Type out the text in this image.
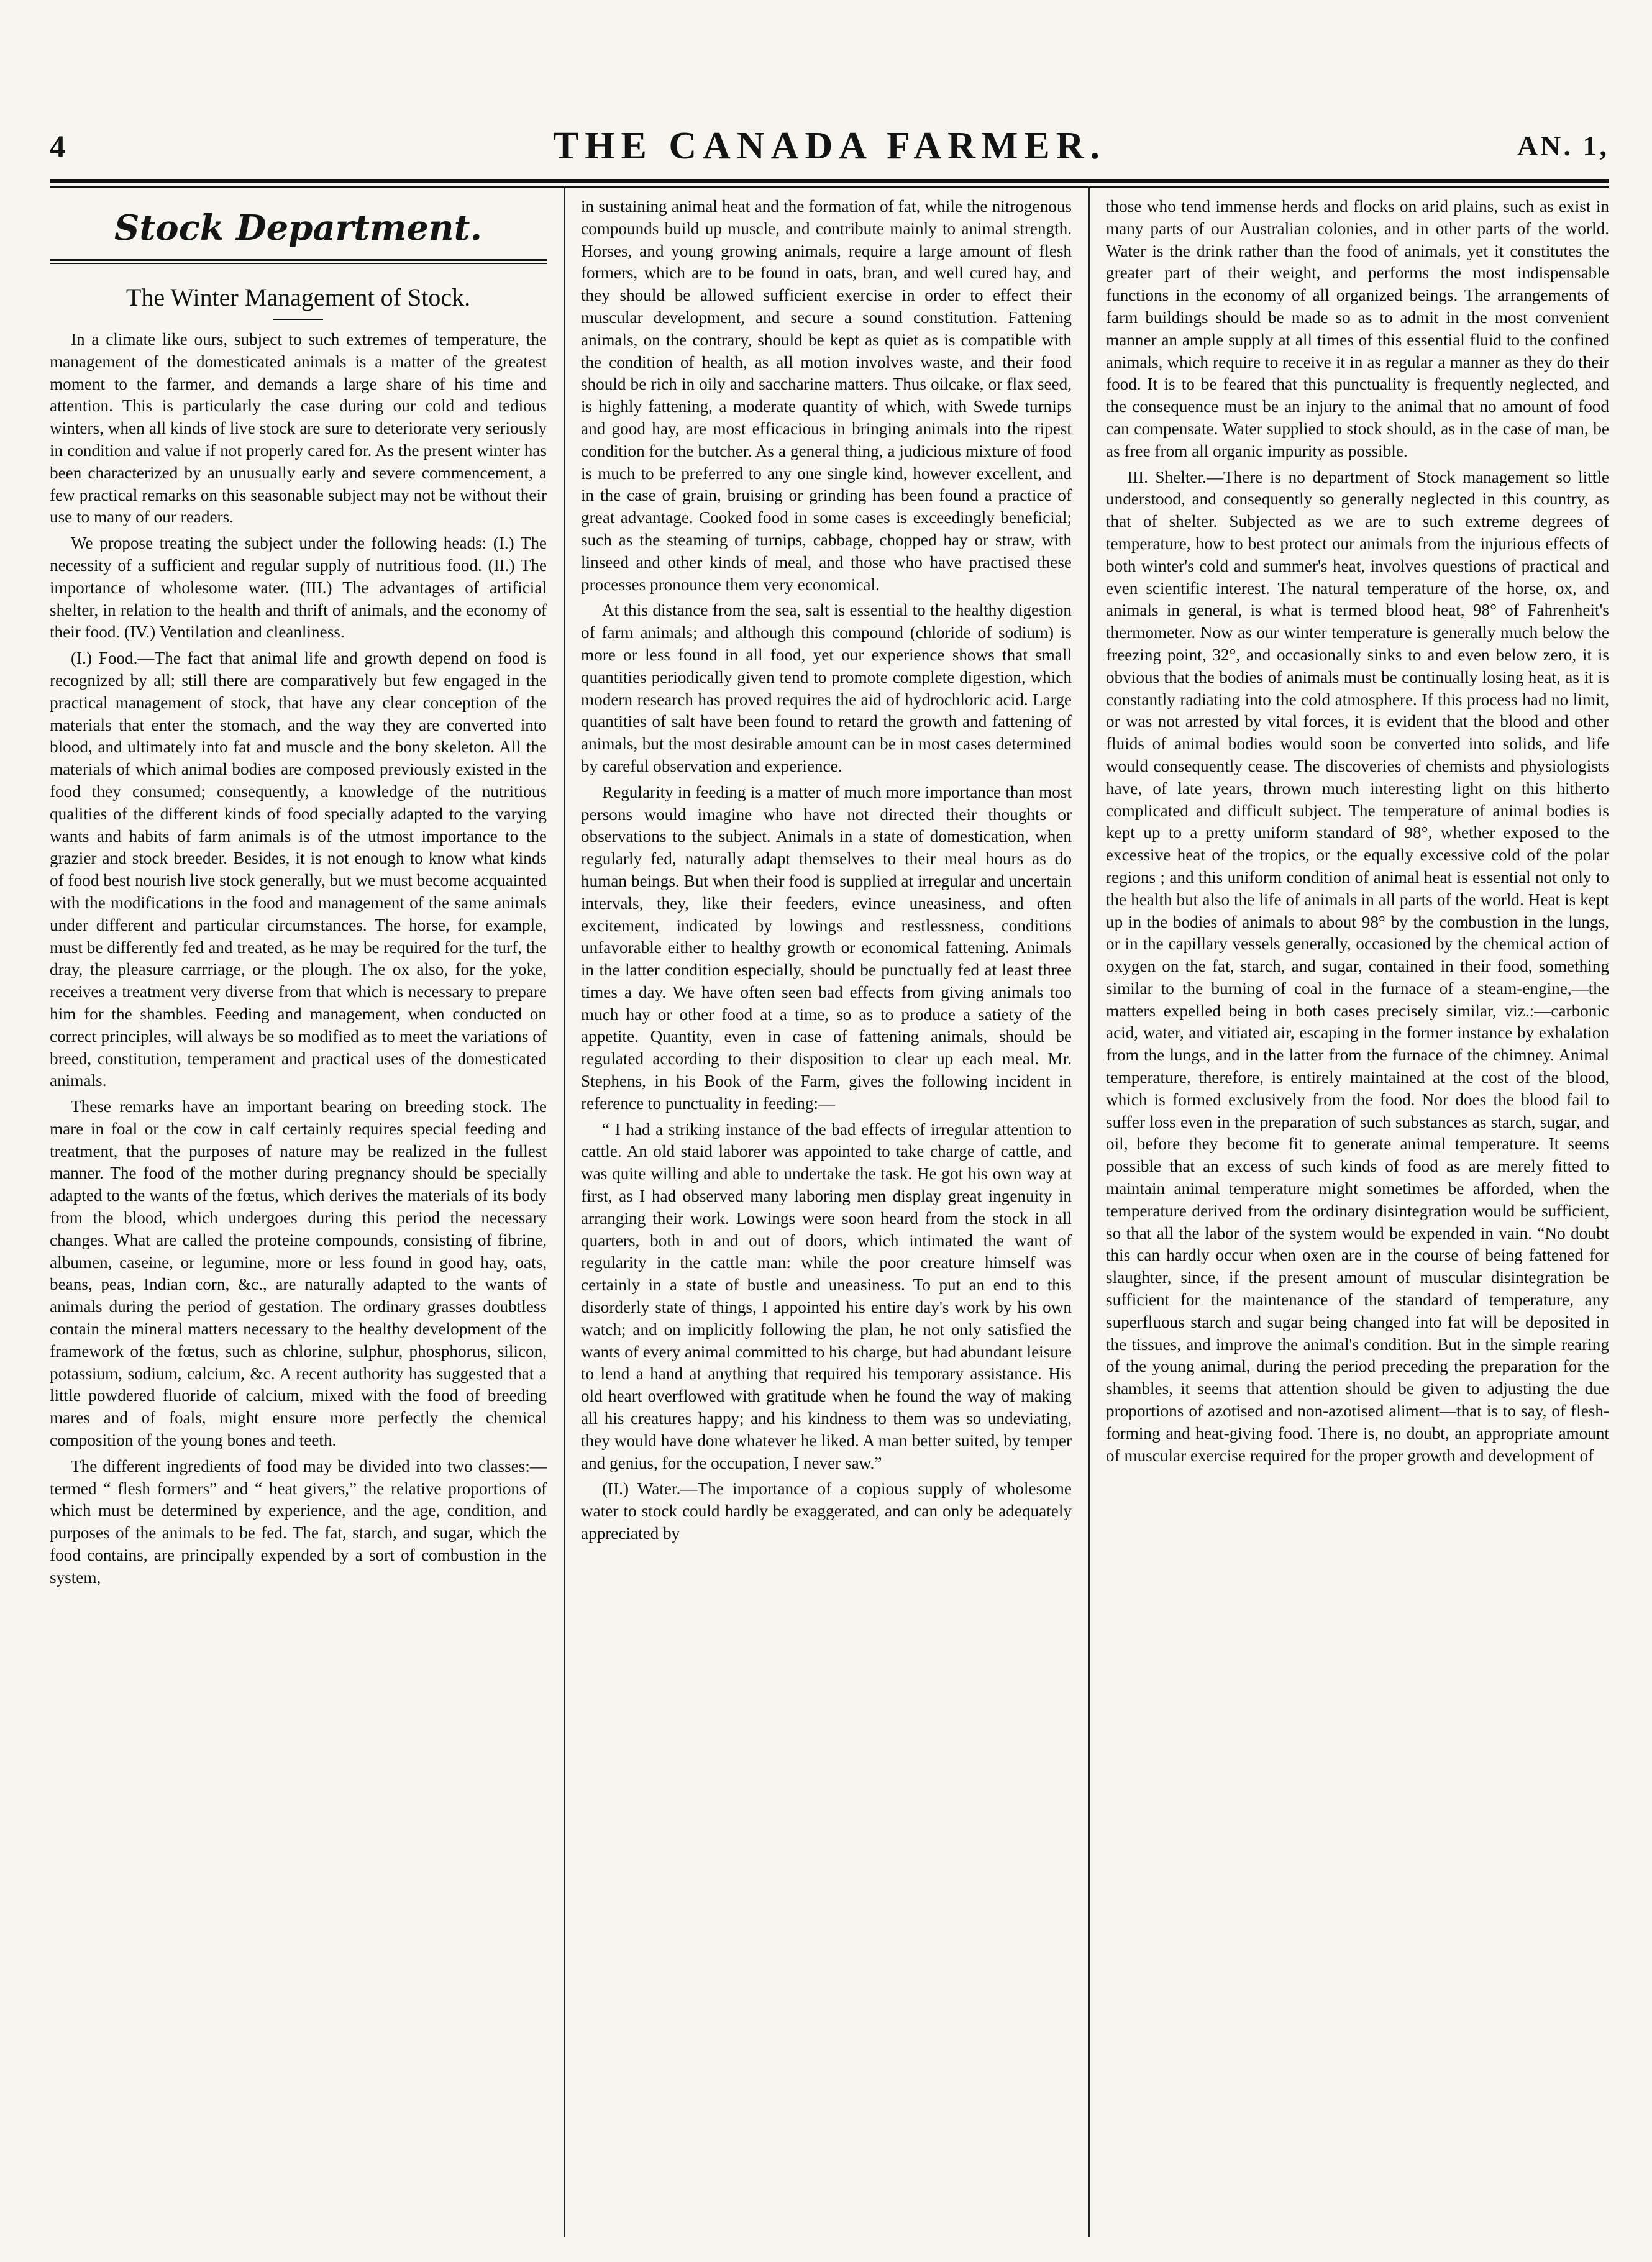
4	THE CANADA FARMER.	AN. 1,
Stock Department.
The Winter Management of Stock.

In a climate like ours, subject to such extremes of temperature, the management of the domesticated animals is a matter of the greatest moment to the farmer, and demands a large share of his time and attention. This is particularly the case during our cold and tedious winters, when all kinds of live stock are sure to deteriorate very seriously in condition and value if not properly cared for. As the present winter has been characterized by an unusually early and severe commencement, a few practical remarks on this seasonable subject may not be without their use to many of our readers.

We propose treating the subject under the following heads: (I.) The necessity of a sufficient and regular supply of nutritious food. (II.) The importance of wholesome water. (III.) The advantages of artificial shelter, in relation to the health and thrift of animals, and the economy of their food. (IV.) Ventilation and cleanliness.

(I.) Food.—The fact that animal life and growth depend on food is recognized by all; still there are comparatively but few engaged in the practical management of stock, that have any clear conception of the materials that enter the stomach, and the way they are converted into blood, and ultimately into fat and muscle and the bony skeleton. All the materials of which animal bodies are composed previously existed in the food they consumed; consequently, a knowledge of the nutritious qualities of the different kinds of food specially adapted to the varying wants and habits of farm animals is of the utmost importance to the grazier and stock breeder. Besides, it is not enough to know what kinds of food best nourish live stock generally, but we must become acquainted with the modifications in the food and management of the same animals under different and particular circumstances. The horse, for example, must be differently fed and treated, as he may be required for the turf, the dray, the pleasure carrriage, or the plough. The ox also, for the yoke, receives a treatment very diverse from that which is necessary to prepare him for the shambles. Feeding and management, when conducted on correct principles, will always be so modified as to meet the variations of breed, constitution, temperament and practical uses of the domesticated animals.

These remarks have an important bearing on breeding stock. The mare in foal or the cow in calf certainly requires special feeding and treatment, that the purposes of nature may be realized in the fullest manner. The food of the mother during pregnancy should be specially adapted to the wants of the fœtus, which derives the materials of its body from the blood, which undergoes during this period the necessary changes. What are called the proteine compounds, consisting of fibrine, albumen, caseine, or legumine, more or less found in good hay, oats, beans, peas, Indian corn, &c., are naturally adapted to the wants of animals during the period of gestation. The ordinary grasses doubtless contain the mineral matters necessary to the healthy development of the framework of the fœtus, such as chlorine, sulphur, phosphorus, silicon, potassium, sodium, calcium, &c. A recent authority has suggested that a little powdered fluoride of calcium, mixed with the food of breeding mares and of foals, might ensure more perfectly the chemical composition of the young bones and teeth.

The different ingredients of food may be divided into two classes:—termed “ flesh formers” and “ heat givers,” the relative proportions of which must be determined by experience, and the age, condition, and purposes of the animals to be fed. The fat, starch, and sugar, which the food contains, are principally expended by a sort of combustion in the system,

in sustaining animal heat and the formation of fat, while the nitrogenous compounds build up muscle, and contribute mainly to animal strength. Horses, and young growing animals, require a large amount of flesh formers, which are to be found in oats, bran, and well cured hay, and they should be allowed sufficient exercise in order to effect their muscular development, and secure a sound constitution. Fattening animals, on the contrary, should be kept as quiet as is compatible with the condition of health, as all motion involves waste, and their food should be rich in oily and saccharine matters. Thus oilcake, or flax seed, is highly fattening, a moderate quantity of which, with Swede turnips and good hay, are most efficacious in bringing animals into the ripest condition for the butcher. As a general thing, a judicious mixture of food is much to be preferred to any one single kind, however excellent, and in the case of grain, bruising or grinding has been found a practice of great advantage. Cooked food in some cases is exceedingly beneficial; such as the steaming of turnips, cabbage, chopped hay or straw, with linseed and other kinds of meal, and those who have practised these processes pronounce them very economical.

At this distance from the sea, salt is essential to the healthy digestion of farm animals; and although this compound (chloride of sodium) is more or less found in all food, yet our experience shows that small quantities periodically given tend to promote complete digestion, which modern research has proved requires the aid of hydrochloric acid. Large quantities of salt have been found to retard the growth and fattening of animals, but the most desirable amount can be in most cases determined by careful observation and experience.

Regularity in feeding is a matter of much more importance than most persons would imagine who have not directed their thoughts or observations to the subject. Animals in a state of domestication, when regularly fed, naturally adapt themselves to their meal hours as do human beings. But when their food is supplied at irregular and uncertain intervals, they, like their feeders, evince uneasiness, and often excitement, indicated by lowings and restlessness, conditions unfavorable either to healthy growth or economical fattening. Animals in the latter condition especially, should be punctually fed at least three times a day. We have often seen bad effects from giving animals too much hay or other food at a time, so as to produce a satiety of the appetite. Quantity, even in case of fattening animals, should be regulated according to their disposition to clear up each meal. Mr. Stephens, in his Book of the Farm, gives the following incident in reference to punctuality in feeding:—

“ I had a striking instance of the bad effects of irregular attention to cattle. An old staid laborer was appointed to take charge of cattle, and was quite willing and able to undertake the task. He got his own way at first, as I had observed many laboring men display great ingenuity in arranging their work. Lowings were soon heard from the stock in all quarters, both in and out of doors, which intimated the want of regularity in the cattle man: while the poor creature himself was certainly in a state of bustle and uneasiness. To put an end to this disorderly state of things, I appointed his entire day's work by his own watch; and on implicitly following the plan, he not only satisfied the wants of every animal committed to his charge, but had abundant leisure to lend a hand at anything that required his temporary assistance. His old heart overflowed with gratitude when he found the way of making all his creatures happy; and his kindness to them was so undeviating, they would have done whatever he liked. A man better suited, by temper and genius, for the occupation, I never saw.”

(II.) Water.—The importance of a copious supply of wholesome water to stock could hardly be exaggerated, and can only be adequately appreciated by

those who tend immense herds and flocks on arid plains, such as exist in many parts of our Australian colonies, and in other parts of the world. Water is the drink rather than the food of animals, yet it constitutes the greater part of their weight, and performs the most indispensable functions in the economy of all organized beings. The arrangements of farm buildings should be made so as to admit in the most convenient manner an ample supply at all times of this essential fluid to the confined animals, which require to receive it in as regular a manner as they do their food. It is to be feared that this punctuality is frequently neglected, and the consequence must be an injury to the animal that no amount of food can compensate. Water supplied to stock should, as in the case of man, be as free from all organic impurity as possible.

III. Shelter.—There is no department of Stock management so little understood, and consequently so generally neglected in this country, as that of shelter. Subjected as we are to such extreme degrees of temperature, how to best protect our animals from the injurious effects of both winter's cold and summer's heat, involves questions of practical and even scientific interest. The natural temperature of the horse, ox, and animals in general, is what is termed blood heat, 98° of Fahrenheit's thermometer. Now as our winter temperature is generally much below the freezing point, 32°, and occasionally sinks to and even below zero, it is obvious that the bodies of animals must be continually losing heat, as it is constantly radiating into the cold atmosphere. If this process had no limit, or was not arrested by vital forces, it is evident that the blood and other fluids of animal bodies would soon be converted into solids, and life would consequently cease. The discoveries of chemists and physiologists have, of late years, thrown much interesting light on this hitherto complicated and difficult subject. The temperature of animal bodies is kept up to a pretty uniform standard of 98°, whether exposed to the excessive heat of the tropics, or the equally excessive cold of the polar regions ; and this uniform condition of animal heat is essential not only to the health but also the life of animals in all parts of the world. Heat is kept up in the bodies of animals to about 98° by the combustion in the lungs, or in the capillary vessels generally, occasioned by the chemical action of oxygen on the fat, starch, and sugar, contained in their food, something similar to the burning of coal in the furnace of a steam-engine,—the matters expelled being in both cases precisely similar, viz.:—carbonic acid, water, and vitiated air, escaping in the former instance by exhalation from the lungs, and in the latter from the furnace of the chimney. Animal temperature, therefore, is entirely maintained at the cost of the blood, which is formed exclusively from the food. Nor does the blood fail to suffer loss even in the preparation of such substances as starch, sugar, and oil, before they become fit to generate animal temperature. It seems possible that an excess of such kinds of food as are merely fitted to maintain animal temperature might sometimes be afforded, when the temperature derived from the ordinary disintegration would be sufficient, so that all the labor of the system would be expended in vain. “No doubt this can hardly occur when oxen are in the course of being fattened for slaughter, since, if the present amount of muscular disintegration be sufficient for the maintenance of the standard of temperature, any superfluous starch and sugar being changed into fat will be deposited in the tissues, and improve the animal's condition. But in the simple rearing of the young animal, during the period preceding the preparation for the shambles, it seems that attention should be given to adjusting the due proportions of azotised and non-azotised aliment—that is to say, of flesh-forming and heat-giving food. There is, no doubt, an appropriate amount of muscular exercise required for the proper growth and development of
